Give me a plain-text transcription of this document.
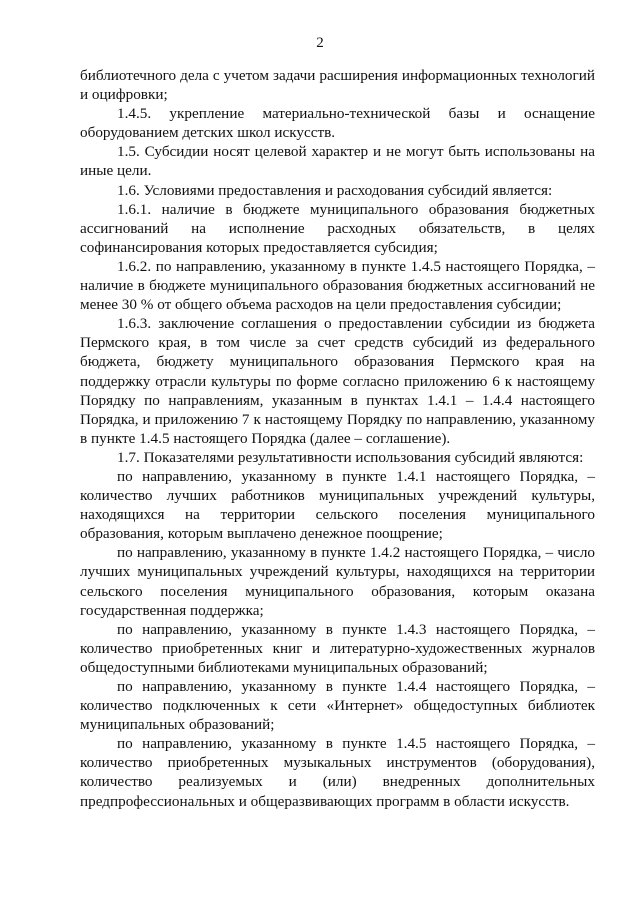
2

библиотечного дела с учетом задачи расширения информационных технологий и оцифровки;

1.4.5. укрепление материально-технической базы и оснащение оборудованием детских школ искусств.

1.5. Субсидии носят целевой характер и не могут быть использованы на иные цели.

1.6. Условиями предоставления и расходования субсидий является:

1.6.1. наличие в бюджете муниципального образования бюджетных ассигнований на исполнение расходных обязательств, в целях софинансирования которых предоставляется субсидия;

1.6.2. по направлению, указанному в пункте 1.4.5 настоящего Порядка, – наличие в бюджете муниципального образования бюджетных ассигнований не менее 30 % от общего объема расходов на цели предоставления субсидии;

1.6.3. заключение соглашения о предоставлении субсидии из бюджета Пермского края, в том числе за счет средств субсидий из федерального бюджета, бюджету муниципального образования Пермского края на поддержку отрасли культуры по форме согласно приложению 6 к настоящему Порядку по направлениям, указанным в пунктах 1.4.1 – 1.4.4 настоящего Порядка, и приложению 7 к настоящему Порядку по направлению, указанному в пункте 1.4.5 настоящего Порядка (далее – соглашение).

1.7. Показателями результативности использования субсидий являются:

по направлению, указанному в пункте 1.4.1 настоящего Порядка, – количество лучших работников муниципальных учреждений культуры, находящихся на территории сельского поселения муниципального образования, которым выплачено денежное поощрение;

по направлению, указанному в пункте 1.4.2 настоящего Порядка, – число лучших муниципальных учреждений культуры, находящихся на территории сельского поселения муниципального образования, которым оказана государственная поддержка;

по направлению, указанному в пункте 1.4.3 настоящего Порядка, – количество приобретенных книг и литературно-художественных журналов общедоступными библиотеками муниципальных образований;

по направлению, указанному в пункте 1.4.4 настоящего Порядка, – количество подключенных к сети «Интернет» общедоступных библиотек муниципальных образований;

по направлению, указанному в пункте 1.4.5 настоящего Порядка, – количество приобретенных музыкальных инструментов (оборудования), количество реализуемых и (или) внедренных дополнительных предпрофессиональных и общеразвивающих программ в области искусств.
